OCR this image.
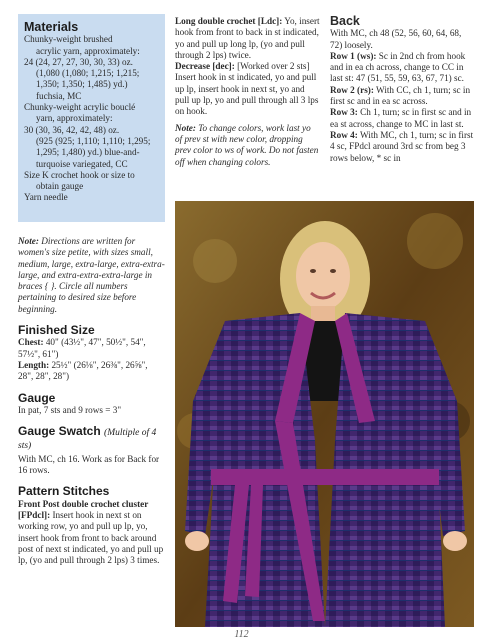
Materials

Chunky-weight brushed

acrylic yarn, approximately:

24 (24, 27, 27, 30, 30, 33) oz.

(1,080 (1,080; 1,215; 1,215;

1,350; 1,350; 1,485) yd.)

fuchsia, MC

Chunky-weight acrylic bouclé

yarn, approximately:

30 (30, 36, 42, 42, 48) oz.

(925 (925; 1,110; 1,110; 1,295;

1,295; 1,480) yd.) blue-and-

turquoise variegated, CC

Size K crochet hook or size to

obtain gauge

Yarn needle

Long double crochet [Ldc]: Yo, insert hook from front to back in st indicated, yo and pull up long lp, (yo and pull through 2 lps) twice.

Decrease [dec]: [Worked over 2 sts] Insert hook in st indicated, yo and pull up lp, insert hook in next st, yo and pull up lp, yo and pull through all 3 lps on hook.

Note: To change colors, work last yo of prev st with new color, dropping prev color to ws of work. Do not fasten off when changing colors.

Back

With MC, ch 48 (52, 56, 60, 64, 68, 72) loosely.

Row 1 (ws): Sc in 2nd ch from hook and in ea ch across, change to CC in last st: 47 (51, 55, 59, 63, 67, 71) sc.

Row 2 (rs): With CC, ch 1, turn; sc in first sc and in ea sc across.

Row 3: Ch 1, turn; sc in first sc and in ea st across, change to MC in last st.

Row 4: With MC, ch 1, turn; sc in first 4 sc, FPdcl around 3rd sc from beg 3 rows below, * sc in

Note: Directions are written for women's size petite, with sizes small, medium, large, extra-large, extra-extra-large, and extra-extra-extra-large in braces { }. Circle all numbers pertaining to desired size before beginning.

Finished Size

Chest: 40" (43½", 47", 50½", 54", 57½", 61")

Length: 25½" (26⅛", 26⅜", 26⅝", 28", 28", 28")

Gauge

In pat, 7 sts and 9 rows = 3"

Gauge Swatch (Multiple of 4 sts)

With MC, ch 16. Work as for Back for 16 rows.

Pattern Stitches

Front Post double crochet cluster [FPdcl]: Insert hook in next st on working row, yo and pull up lp, yo, insert hook from front to back around post of next st indicated, yo and pull up lp, (yo and pull through 2 lps) 3 times.

112
